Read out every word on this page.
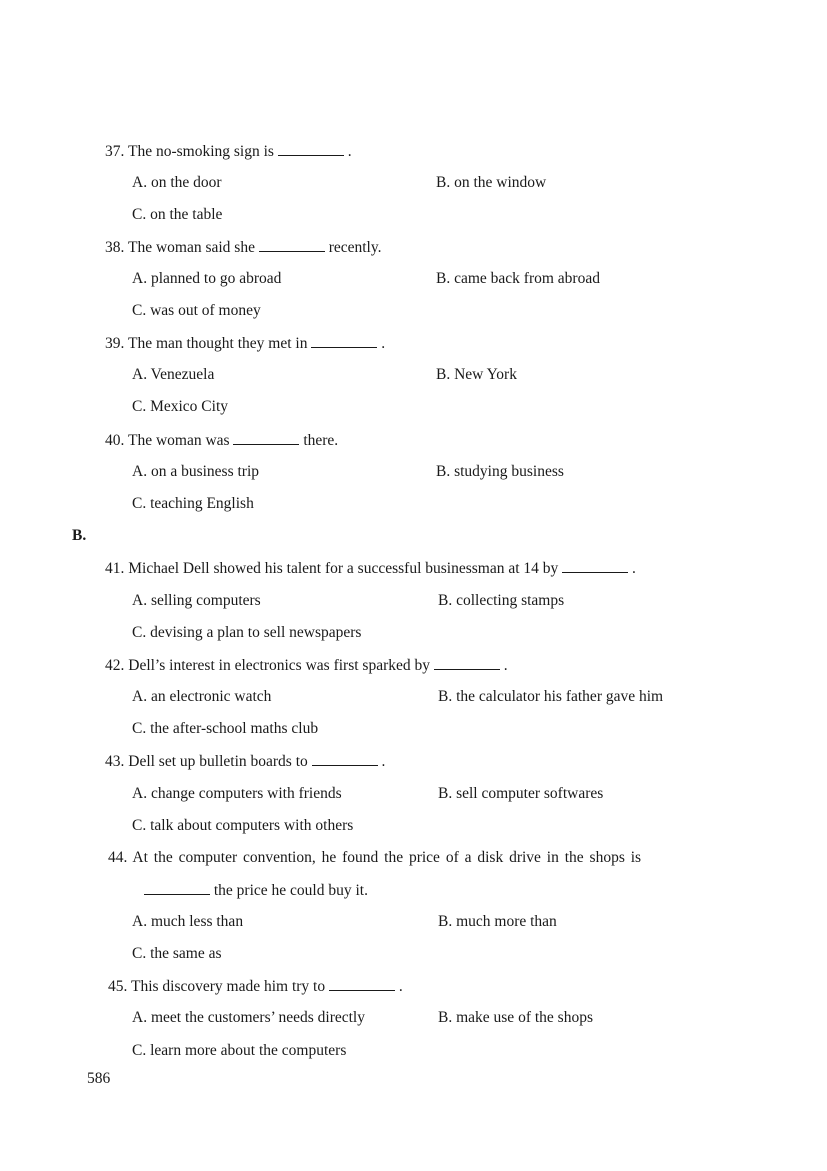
37. The no-smoking sign is	.
A. on the door	B. on the window
C. on the table
38. The woman said she	recently.
A. planned to go abroad	B. came back from abroad
C. was out of money
39. The man thought they met in	.
A. Venezuela	B. New York
C. Mexico City
40. The woman was	there.
A. on a business trip	B. studying business
C. teaching English
B.
41. Michael Dell showed his talent for a successful businessman at 14 by	.
A. selling computers	B. collecting stamps
C. devising a plan to sell newspapers
42. Dell’s interest in electronics was first sparked by	.
A. an electronic watch	B. the calculator his father gave him
C. the after-school maths club
43. Dell set up bulletin boards to	.
A. change computers with friends	B. sell computer softwares
C. talk about computers with others
44. At the computer convention, he found the price of a disk drive in the shops is
the price he could buy it.
A. much less than	B. much more than
C. the same as
45. This discovery made him try to	.
A. meet the customers’ needs directly	B. make use of the shops
C. learn more about the computers
586
